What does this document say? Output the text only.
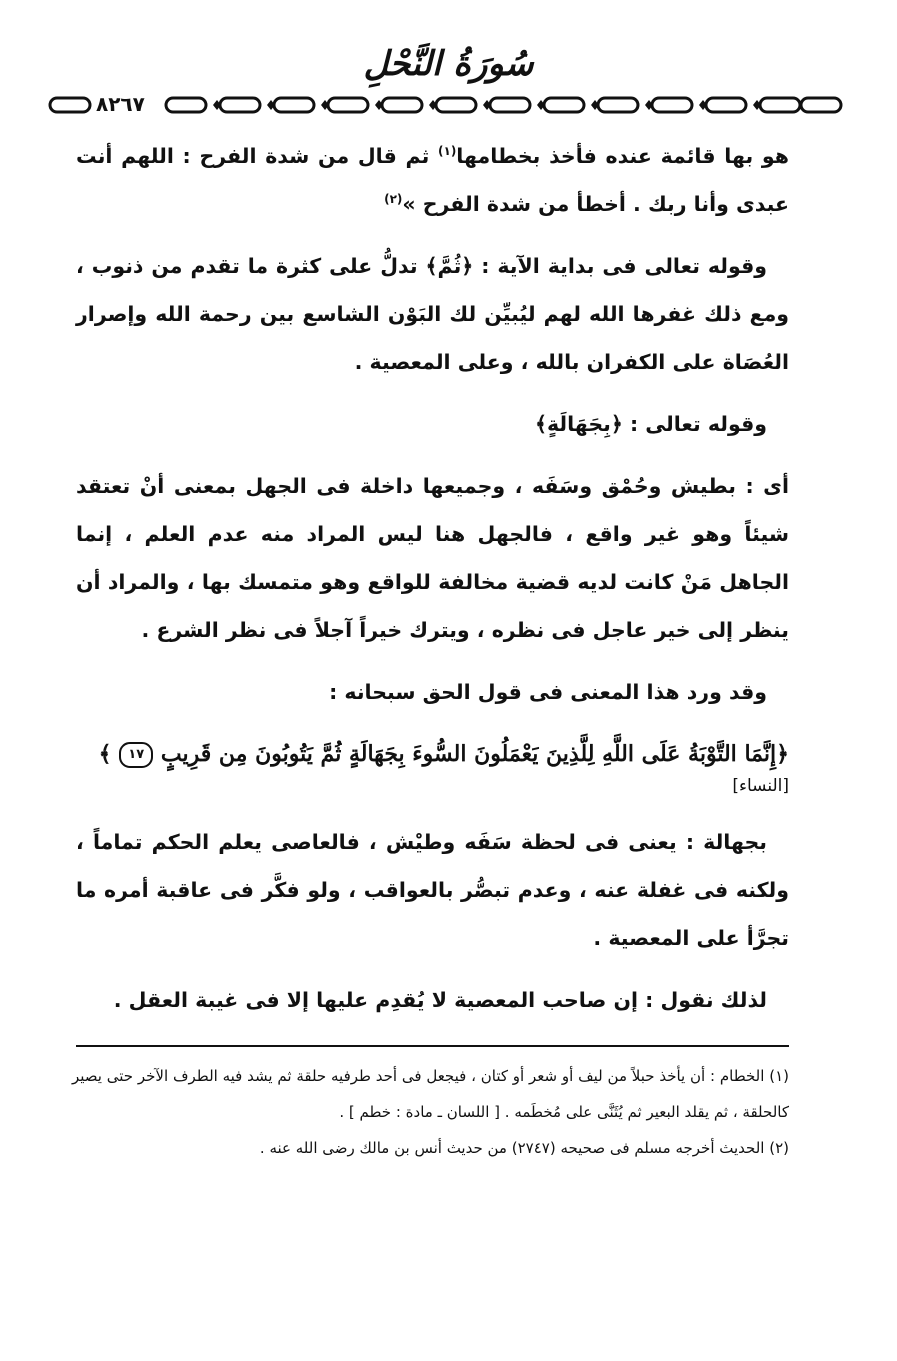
سُورَةُ النَّحْلِ
٨٢٦٧

هو بها قائمة عنده فأخذ بخطامها$^{(١)}$ ثم قال من شدة الفرح : اللهم أنت عبدى وأنا ربك . أخطأ من شدة الفرح »$^{(٢)}$

وقوله تعالى فى بداية الآية : ﴿ثُمَّ﴾ تدلُّ على كثرة ما تقدم من ذنوب ، ومع ذلك غفرها الله لهم ليُبيِّن لك البَوْن الشاسع بين رحمة الله وإصرار العُصَاة على الكفران بالله ، وعلى المعصية .

وقوله تعالى : ﴿بِجَهَالَةٍ﴾

أى : بطيش وحُمْق وسَفَه ، وجميعها داخلة فى الجهل بمعنى أنْ تعتقد شيئاً وهو غير واقع ، فالجهل هنا ليس المراد منه عدم العلم ، إنما الجاهل مَنْ كانت لديه قضية مخالفة للواقع وهو متمسك بها ، والمراد أن ينظر إلى خير عاجل فى نظره ، ويترك خيراً آجلاً فى نظر الشرع .

وقد ورد هذا المعنى فى قول الحق سبحانه :

﴿إِنَّمَا التَّوْبَةُ عَلَى اللَّهِ لِلَّذِينَ يَعْمَلُونَ السُّوءَ بِجَهَالَةٍ ثُمَّ يَتُوبُونَ مِن قَرِيبٍ ١٧ ﴾

[النساء]

بجهالة : يعنى فى لحظة سَفَه وطيْش ، فالعاصى يعلم الحكم تماماً ، ولكنه فى غفلة عنه ، وعدم تبصُّر بالعواقب ، ولو فكَّر فى عاقبة أمره ما تجرَّأ على المعصية .

لذلك نقول : إن صاحب المعصية لا يُقدِم عليها إلا فى غيبة العقل .

(١) الخطام : أن يأخذ حبلاً من ليف أو شعر أو كتان ، فيجعل فى أحد طرفيه حلقة ثم يشد فيه الطرف الآخر حتى يصير كالحلقة ، ثم يقلد البعير ثم يُثَنَّى على مُخطَمه . [ اللسان ـ مادة : خطم ] .

(٢) الحديث أخرجه مسلم فى صحيحه (٢٧٤٧) من حديث أنس بن مالك رضى الله عنه .
